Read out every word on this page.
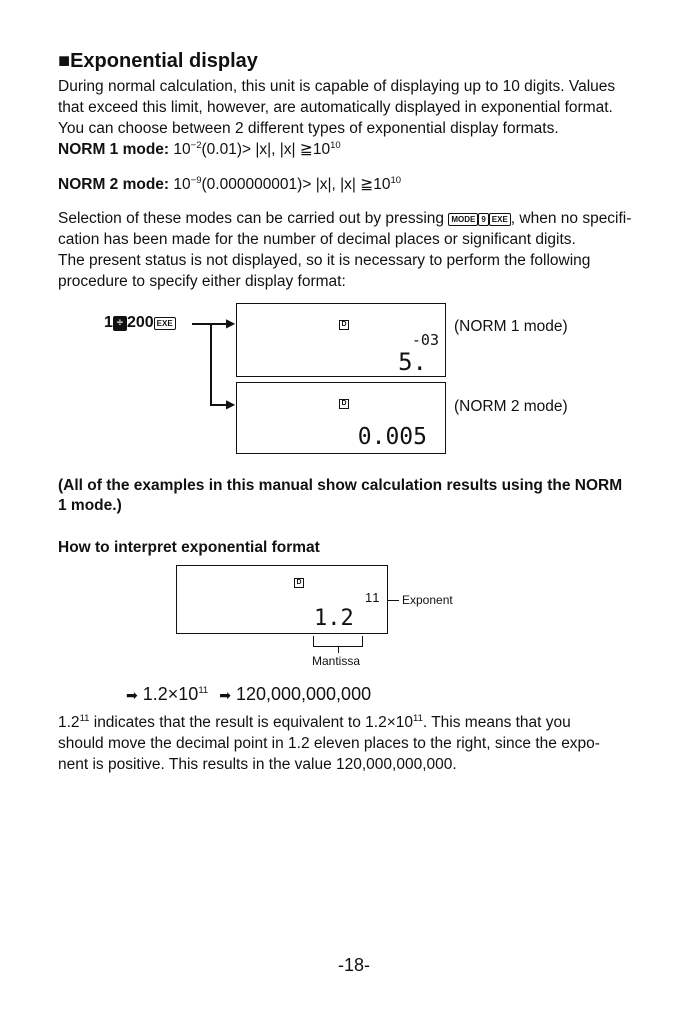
■Exponential display
During normal calculation, this unit is capable of displaying up to 10 digits. Values
that exceed this limit, however, are automatically displayed in exponential format.
You can choose between 2 different types of exponential display formats.
NORM 1 mode: $10^{-2}(0.01)> |x|$, |x| $≧10^{10}$
NORM 2 mode: $10^{-9}(0.000000001)> |x|$, |x| $≧10^{10}$
Selection of these modes can be carried out by pressing MODE 9 EXE , when no specifi-
cation has been made for the number of decimal places or significant digits.
The present status is not displayed, so it is necessary to perform the following
procedure to specify either display format:
1 ÷ 200 EXE	▶
▶
D
-03
5.
(NORM 1 mode)
D
0.005
(NORM 2 mode)
(All of the examples in this manual show calculation results using the NORM
1 mode.)
How to interpret exponential format
D
11
1.2
Exponent
Mantissa
➡ $1.2\times 10^{11}$ ➡ 120,000,000,000
$1.2^{11}$ indicates that the result is equivalent to $1.2\times 10^{11}$. This means that you
should move the decimal point in 1.2 eleven places to the right, since the expo-
nent is positive. This results in the value 120,000,000,000.
-18-
